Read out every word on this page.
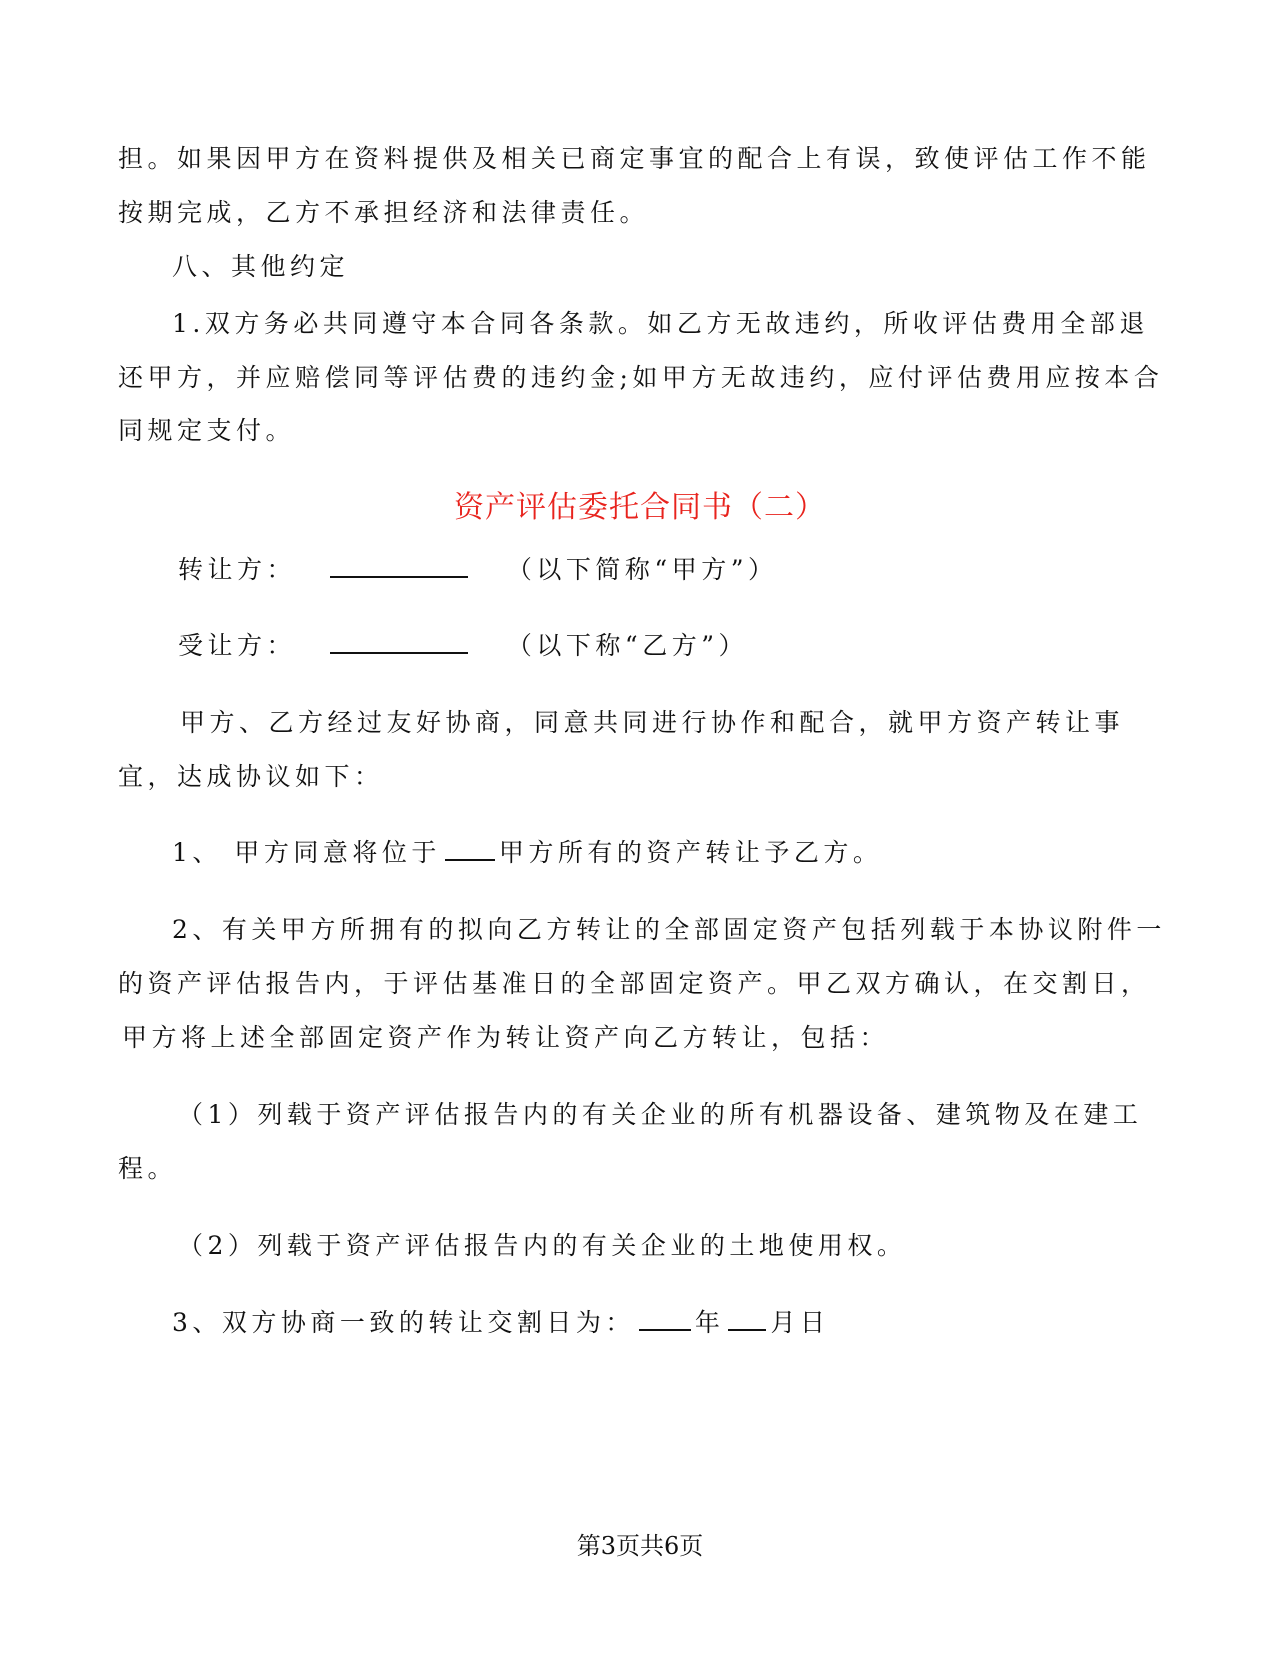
担。如果因甲方在资料提供及相关已商定事宜的配合上有误，致使评估工作不能
按期完成，乙方不承担经济和法律责任。
八、其他约定
1.双方务必共同遵守本合同各条款。如乙方无故违约，所收评估费用全部退
还甲方，并应赔偿同等评估费的违约金;如甲方无故违约，应付评估费用应按本合
同规定支付。
资产评估委托合同书（二）
转让方：	（以下简称“甲方”）
受让方：	（以下称“乙方”）
甲方、乙方经过友好协商，同意共同进行协作和配合，就甲方资产转让事
宜，达成协议如下：
1、 甲方同意将位于 甲方所有的资产转让予乙方。
2、有关甲方所拥有的拟向乙方转让的全部固定资产包括列载于本协议附件一
的资产评估报告内，于评估基准日的全部固定资产。甲乙双方确认，在交割日，
甲方将上述全部固定资产作为转让资产向乙方转让，包括：
（1）列载于资产评估报告内的有关企业的所有机器设备、建筑物及在建工
程。
（2）列载于资产评估报告内的有关企业的土地使用权。
3、双方协商一致的转让交割日为： 年 月日
第3页共6页
